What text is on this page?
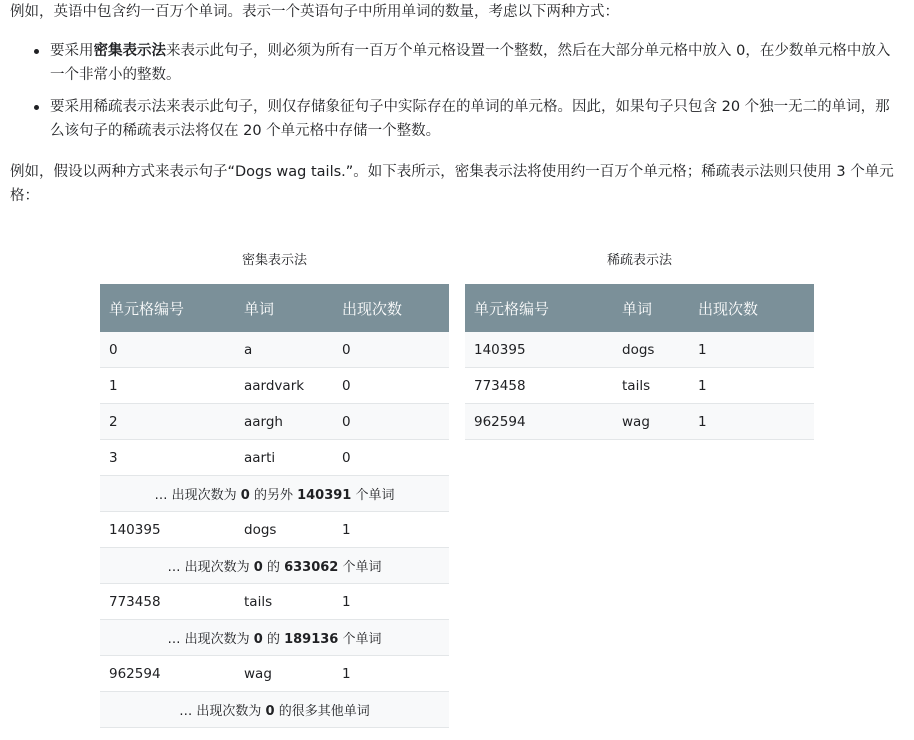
例如，英语中包含约一百万个单词。表示一个英语句子中所用单词的数量，考虑以下两种方式：

要采用密集表示法来表示此句子，则必须为所有一百万个单元格设置一个整数，然后在大部分单元格中放入 0，在少数单元格中放入一个非常小的整数。
要采用稀疏表示法来表示此句子，则仅存储象征句子中实际存在的单词的单元格。因此，如果句子只包含 20 个独一无二的单词，那么该句子的稀疏表示法将仅在 20 个单元格中存储一个整数。

例如，假设以两种方式来表示句子“Dogs wag tails.”。如下表所示，密集表示法将使用约一百万个单元格；稀疏表示法则只使用 3 个单元格：

密集表示法
单元格编号	单词	出现次数
0	a	0
1	aardvark	0
2	aargh	0
3	aarti	0
… 出现次数为 0 的另外 140391 个单词		
140395	dogs	1
… 出现次数为 0 的 633062 个单词		
773458	tails	1
… 出现次数为 0 的 189136 个单词		
962594	wag	1
… 出现次数为 0 的很多其他单词		
稀疏表示法
单元格编号	单词	出现次数
140395	dogs	1
773458	tails	1
962594	wag	1
